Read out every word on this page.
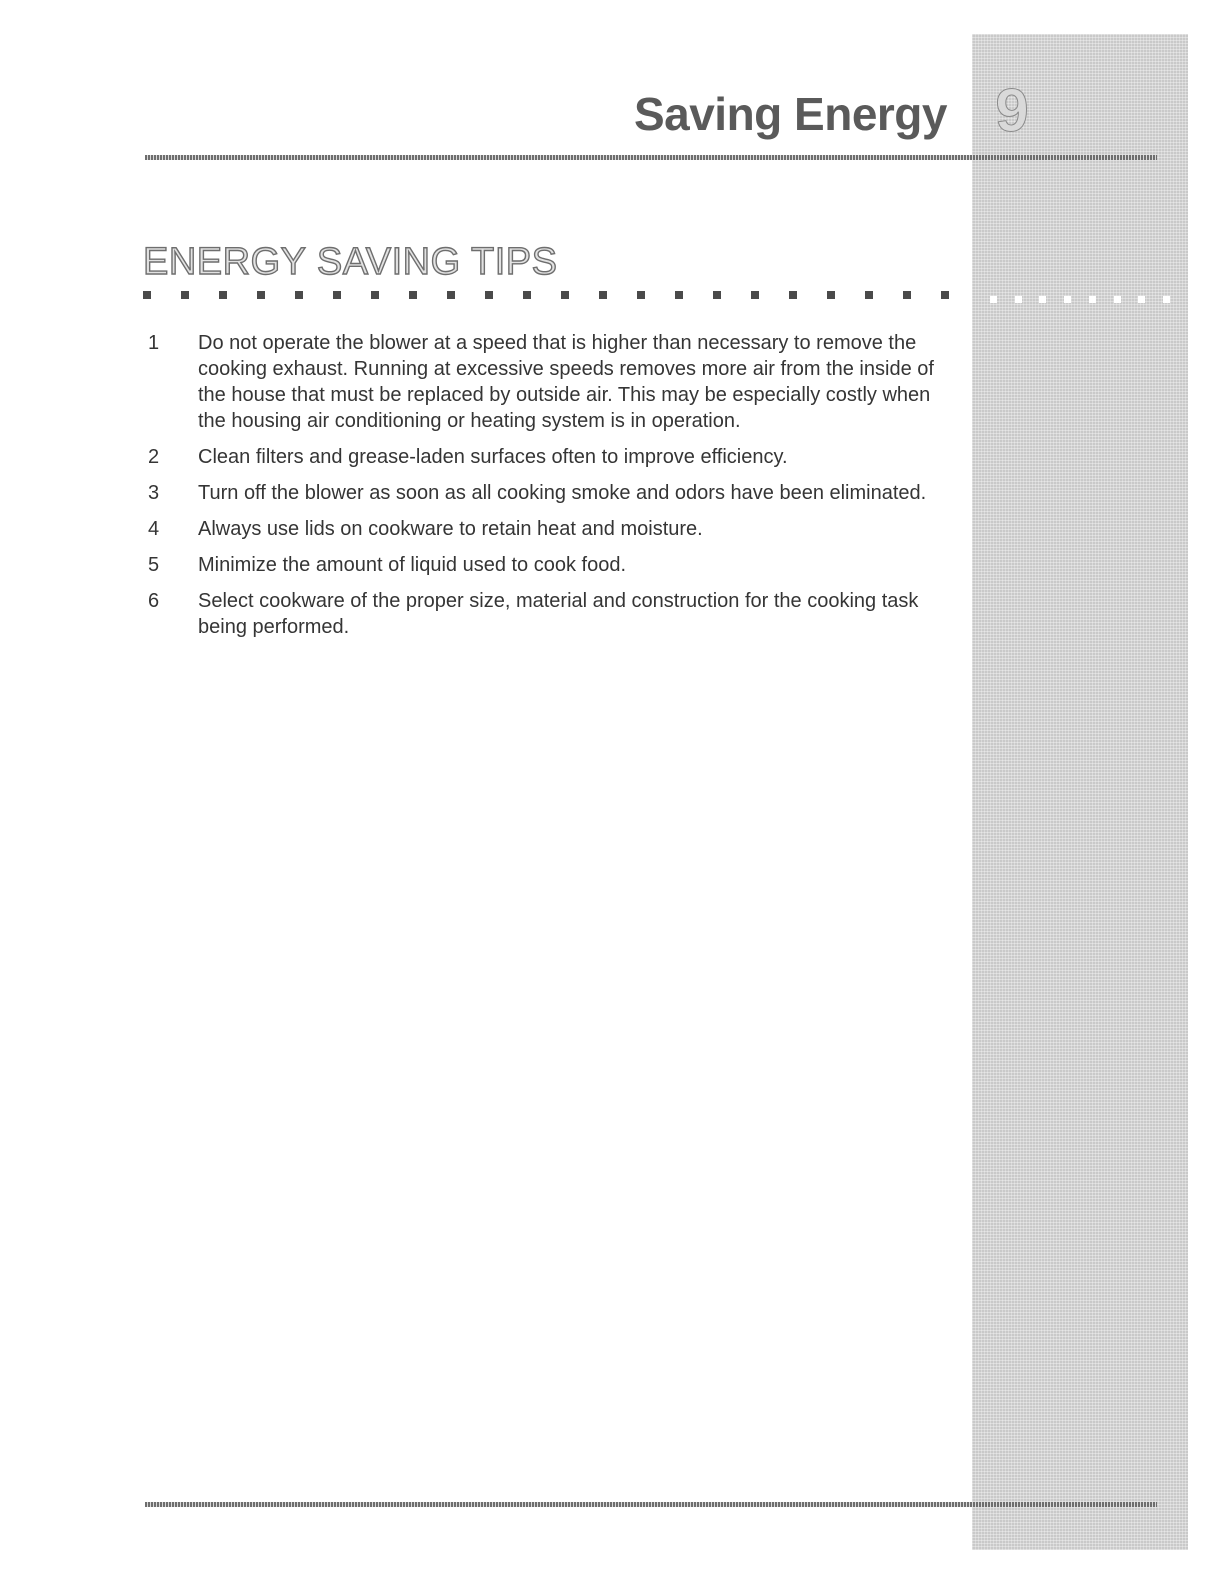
Saving Energy 9
ENERGY SAVING TIPS
1	Do not operate the blower at a speed that is higher than necessary to remove the cooking exhaust. Running at excessive speeds removes more air from the inside of the house that must be replaced by outside air. This may be especially costly when the housing air conditioning or heating system is in operation.
2	Clean filters and grease-laden surfaces often to improve efficiency.
3	Turn off the blower as soon as all cooking smoke and odors have been eliminated.
4	Always use lids on cookware to retain heat and moisture.
5	Minimize the amount of liquid used to cook food.
6	Select cookware of the proper size, material and construction for the cooking task being performed.
